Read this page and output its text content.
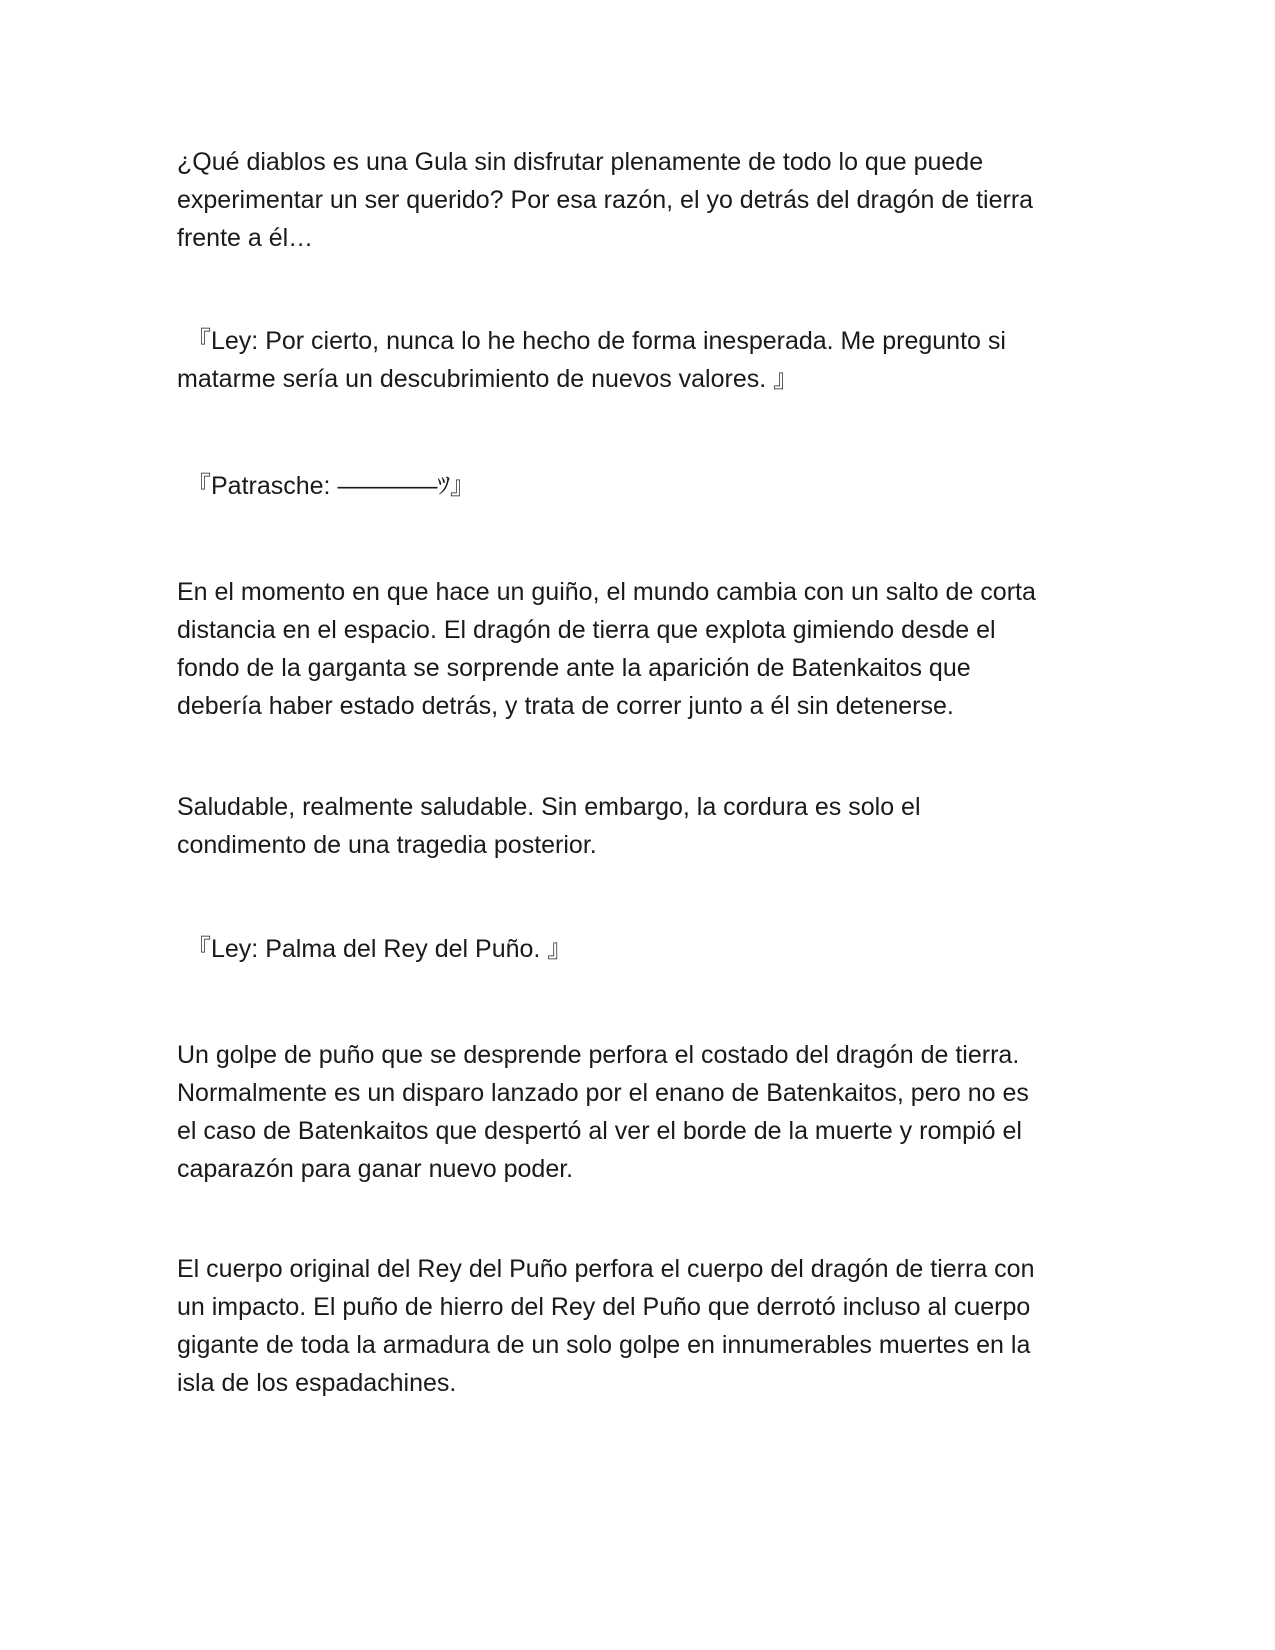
¿Qué diablos es una Gula sin disfrutar plenamente de todo lo que puede
experimentar un ser querido? Por esa razón, el yo detrás del dragón de tierra
frente a él…

『Ley: Por cierto, nunca lo he hecho de forma inesperada. Me pregunto si
matarme sería un descubrimiento de nuevos valores. 』

『Patrasche: ————ﾂ』

En el momento en que hace un guiño, el mundo cambia con un salto de corta
distancia en el espacio. El dragón de tierra que explota gimiendo desde el
fondo de la garganta se sorprende ante la aparición de Batenkaitos que
debería haber estado detrás, y trata de correr junto a él sin detenerse.

Saludable, realmente saludable. Sin embargo, la cordura es solo el
condimento de una tragedia posterior.

『Ley: Palma del Rey del Puño. 』

Un golpe de puño que se desprende perfora el costado del dragón de tierra.
Normalmente es un disparo lanzado por el enano de Batenkaitos, pero no es
el caso de Batenkaitos que despertó al ver el borde de la muerte y rompió el
caparazón para ganar nuevo poder.

El cuerpo original del Rey del Puño perfora el cuerpo del dragón de tierra con
un impacto. El puño de hierro del Rey del Puño que derrotó incluso al cuerpo
gigante de toda la armadura de un solo golpe en innumerables muertes en la
isla de los espadachines.
